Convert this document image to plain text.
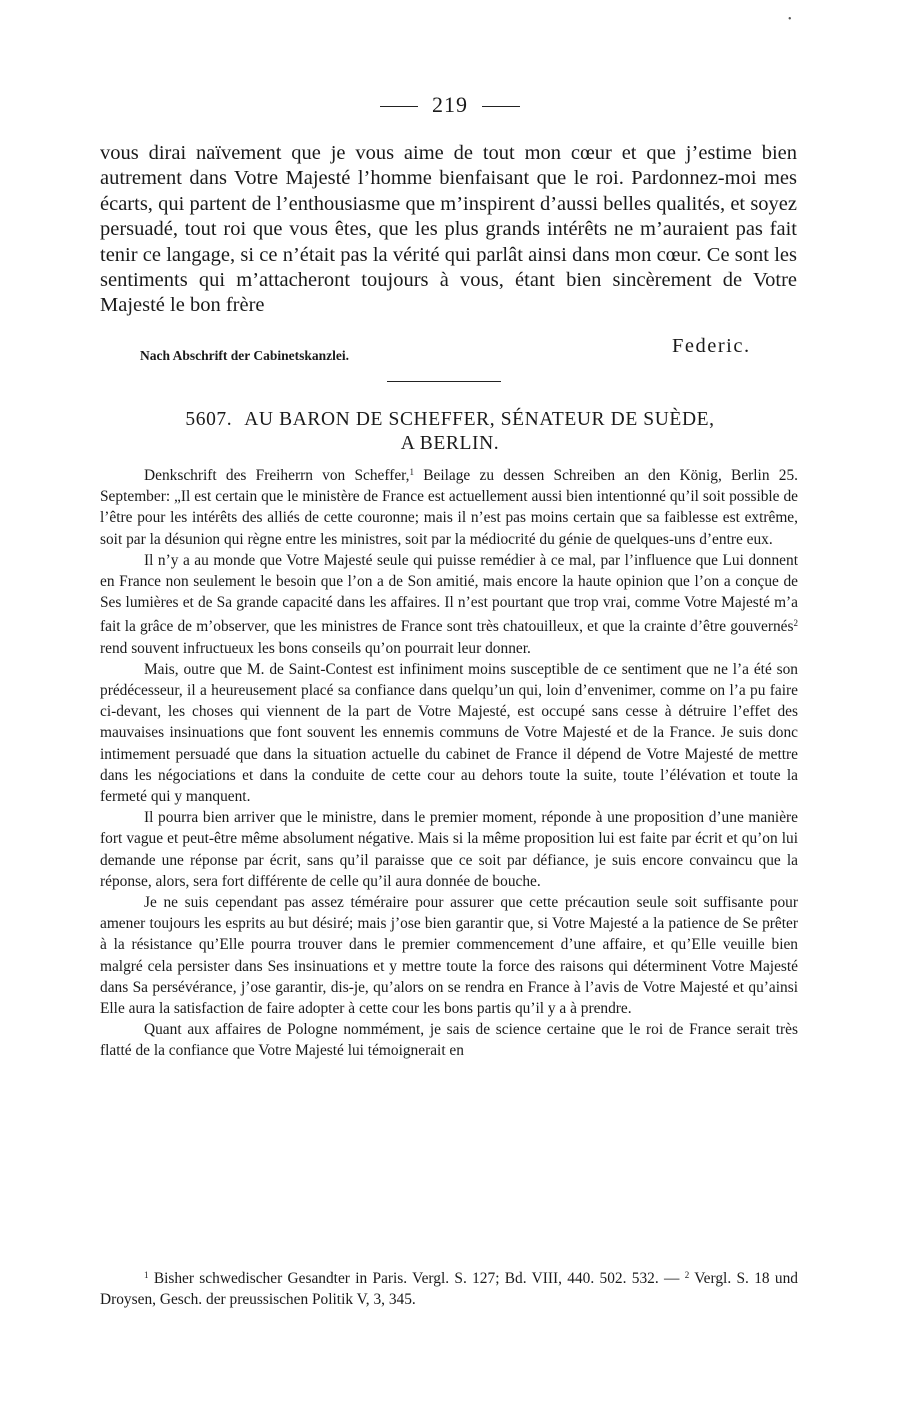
•
219
vous dirai naïvement que je vous aime de tout mon cœur et que j’estime bien autrement dans Votre Majesté l’homme bienfaisant que le roi. Pardonnez-moi mes écarts, qui partent de l’enthousiasme que m’inspirent d’aussi belles qualités, et soyez persuadé, tout roi que vous êtes, que les plus grands intérêts ne m’auraient pas fait tenir ce langage, si ce n’était pas la vérité qui parlât ainsi dans mon cœur. Ce sont les sentiments qui m’attacheront toujours à vous, étant bien sincèrement de Votre Majesté le bon frère
Federic.
Nach Abschrift der Cabinetskanzlei.
5607. AU BARON DE SCHEFFER, SÉNATEUR DE SUÈDE,
A BERLIN.

Denkschrift des Freiherrn von Scheffer,$^1$ Beilage zu dessen Schreiben an den König, Berlin 25. September: „Il est certain que le ministère de France est actuellement aussi bien intentionné qu’il soit possible de l’être pour les intérêts des alliés de cette couronne; mais il n’est pas moins certain que sa faiblesse est extrême, soit par la désunion qui règne entre les ministres, soit par la médiocrité du génie de quelques-uns d’entre eux.

Il n’y a au monde que Votre Majesté seule qui puisse remédier à ce mal, par l’influence que Lui donnent en France non seulement le besoin que l’on a de Son amitié, mais encore la haute opinion que l’on a conçue de Ses lumières et de Sa grande capacité dans les affaires. Il n’est pourtant que trop vrai, comme Votre Majesté m’a fait la grâce de m’observer, que les ministres de France sont très chatouilleux, et que la crainte d’être gouvernés$^2$ rend souvent infructueux les bons conseils qu’on pourrait leur donner.

Mais, outre que M. de Saint-Contest est infiniment moins susceptible de ce sentiment que ne l’a été son prédécesseur, il a heureusement placé sa confiance dans quelqu’un qui, loin d’envenimer, comme on l’a pu faire ci-devant, les choses qui viennent de la part de Votre Majesté, est occupé sans cesse à détruire l’effet des mauvaises insinuations que font souvent les ennemis communs de Votre Majesté et de la France. Je suis donc intimement persuadé que dans la situation actuelle du cabinet de France il dépend de Votre Majesté de mettre dans les négociations et dans la conduite de cette cour au dehors toute la suite, toute l’élévation et toute la fermeté qui y manquent.

Il pourra bien arriver que le ministre, dans le premier moment, réponde à une proposition d’une manière fort vague et peut-être même absolument négative. Mais si la même proposition lui est faite par écrit et qu’on lui demande une réponse par écrit, sans qu’il paraisse que ce soit par défiance, je suis encore convaincu que la réponse, alors, sera fort différente de celle qu’il aura donnée de bouche.

Je ne suis cependant pas assez téméraire pour assurer que cette précaution seule soit suffisante pour amener toujours les esprits au but désiré; mais j’ose bien garantir que, si Votre Majesté a la patience de Se prêter à la résistance qu’Elle pourra trouver dans le premier commencement d’une affaire, et qu’Elle veuille bien malgré cela persister dans Ses insinuations et y mettre toute la force des raisons qui déterminent Votre Majesté dans Sa persévérance, j’ose garantir, dis-je, qu’alors on se rendra en France à l’avis de Votre Majesté et qu’ainsi Elle aura la satisfaction de faire adopter à cette cour les bons partis qu’il y a à prendre.

Quant aux affaires de Pologne nommément, je sais de science certaine que le roi de France serait très flatté de la confiance que Votre Majesté lui témoignerait en

$^1$ Bisher schwedischer Gesandter in Paris. Vergl. S. 127; Bd. VIII, 440. 502. 532. — $^2$ Vergl. S. 18 und Droysen, Gesch. der preussischen Politik V, 3, 345.
